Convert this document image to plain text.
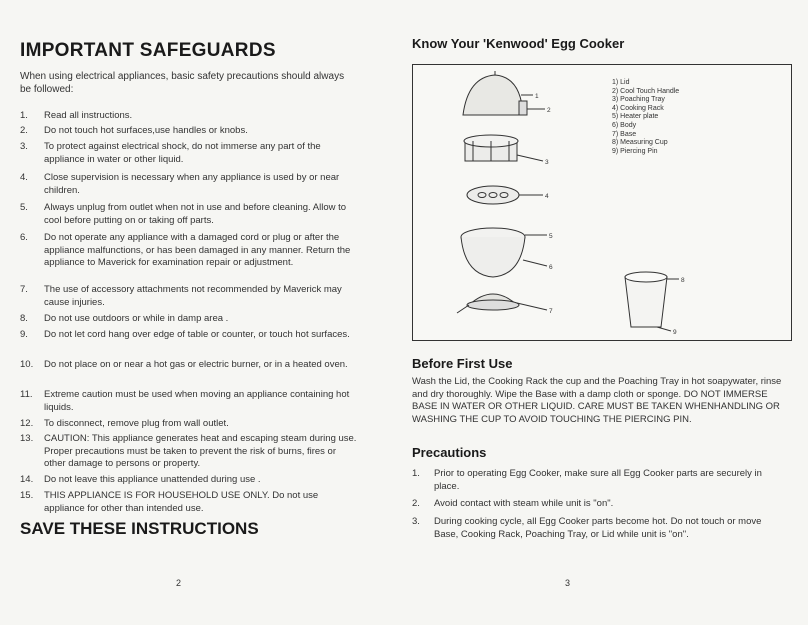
IMPORTANT SAFEGUARDS
When using electrical appliances, basic safety precautions should always be followed:
1.	Read all instructions.
2.	Do not touch hot surfaces,use handles or knobs.
3.	To protect against electrical shock, do not immerse any part of the appliance in water or other liquid.
4.	Close supervision is necessary when any appliance is used by or near children.
5.	Always unplug from outlet when not in use and before cleaning. Allow to cool before putting on or taking off parts.
6.	Do not operate any appliance with a damaged cord or plug or after the appliance malfunctions, or has been damaged in any manner. Return the appliance to Maverick for examination repair or adjustment.
7.	The use of accessory attachments not recommended by Maverick may cause injuries.
8.	Do not use outdoors or while in damp area .
9.	Do not let cord hang over edge of table or counter, or touch hot surfaces.
10.	Do not place on or near a hot gas or electric burner, or in a heated oven.
11.	Extreme caution must be used when moving an appliance containing hot liquids.
12.	To disconnect, remove plug from wall outlet.
13.	CAUTION: This appliance generates heat and escaping steam during use. Proper precautions must be taken to prevent the risk of burns, fires or other damage to persons or property.
14.	Do not leave this appliance unattended during use .
15.	THIS APPLIANCE IS FOR HOUSEHOLD USE ONLY. Do not use appliance for other than intended use.
SAVE THESE INSTRUCTIONS
2
Know Your 'Kenwood' Egg Cooker
1
2
3
4
5
6
7
8
9
1) Lid
2) Cool Touch Handle
3) Poaching Tray
4) Cooking Rack
5) Heater plate
6) Body
7) Base
8) Measuring Cup
9) Piercing Pin
Before First Use
Wash the Lid, the Cooking Rack the cup and the Poaching Tray in hot soapywater, rinse and dry thoroughly. Wipe the Base with a damp cloth or sponge. DO NOT IMMERSE BASE IN WATER OR OTHER LIQUID. CARE MUST BE TAKEN WHENHANDLING OR WASHING THE CUP TO AVOID TOUCHING THE PIERCING PIN.
Precautions
1.	Prior to operating Egg Cooker, make sure all Egg Cooker parts are securely in place.
2.	Avoid contact with steam while unit is "on".
3.	During cooking cycle, all Egg Cooker parts become hot. Do not touch or move Base, Cooking Rack, Poaching Tray, or Lid while unit is "on".
3
